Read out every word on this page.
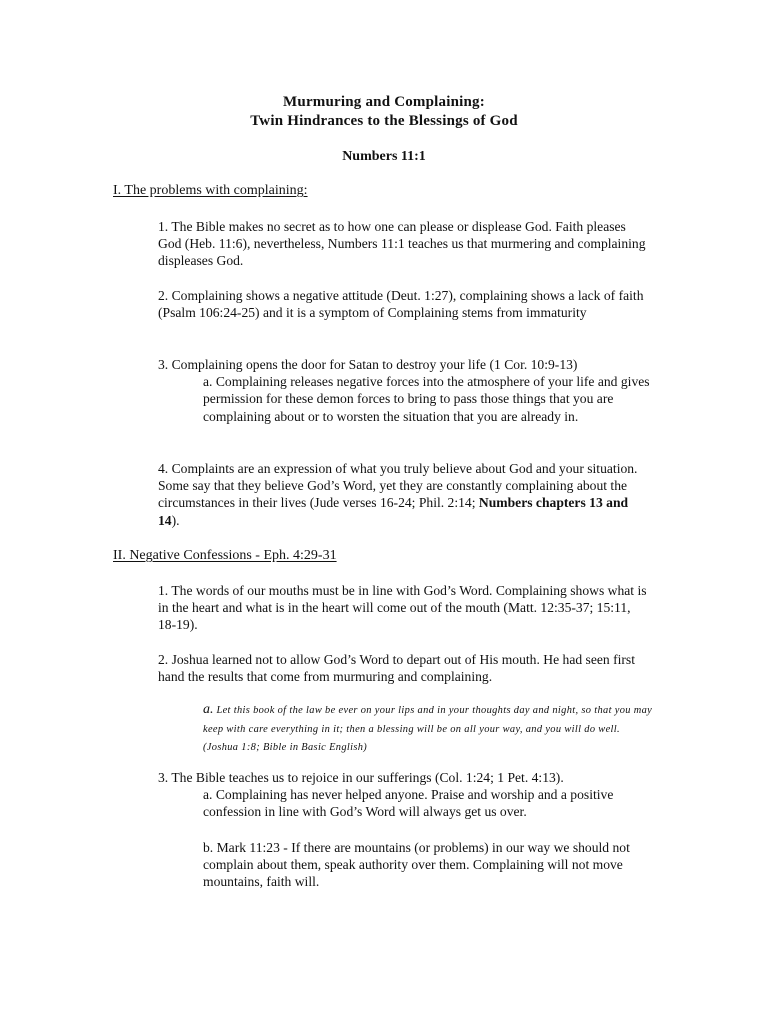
Murmuring and Complaining:
Twin Hindrances to the Blessings of God
Numbers 11:1
I. The problems with complaining:
1. The Bible makes no secret as to how one can please or displease God. Faith pleases God (Heb. 11:6), nevertheless, Numbers 11:1 teaches us that murmering and complaining displeases God.
2. Complaining shows a negative attitude (Deut. 1:27), complaining shows a lack of faith (Psalm 106:24-25) and it is a symptom of Complaining stems from immaturity
3. Complaining opens the door for Satan to destroy your life (1 Cor. 10:9-13)
a. Complaining releases negative forces into the atmosphere of your life and gives permission for these demon forces to bring to pass those things that you are complaining about or to worsten the situation that you are already in.
4. Complaints are an expression of what you truly believe about God and your situation. Some say that they believe God’s Word, yet they are constantly complaining about the circumstances in their lives (Jude verses 16-24; Phil. 2:14; Numbers chapters 13 and 14).
II. Negative Confessions - Eph. 4:29-31
1. The words of our mouths must be in line with God’s Word. Complaining shows what is in the heart and what is in the heart will come out of the mouth (Matt. 12:35-37; 15:11, 18-19).
2. Joshua learned not to allow God’s Word to depart out of His mouth. He had seen first hand the results that come from murmuring and complaining.
a. Let this book of the law be ever on your lips and in your thoughts day and night, so that you may keep with care everything in it; then a blessing will be on all your way, and you will do well. (Joshua 1:8; Bible in Basic English)
3. The Bible teaches us to rejoice in our sufferings (Col. 1:24; 1 Pet. 4:13).
a. Complaining has never helped anyone. Praise and worship and a positive confession in line with God’s Word will always get us over.
b. Mark 11:23 - If there are mountains (or problems) in our way we should not complain about them, speak authority over them. Complaining will not move mountains, faith will.
